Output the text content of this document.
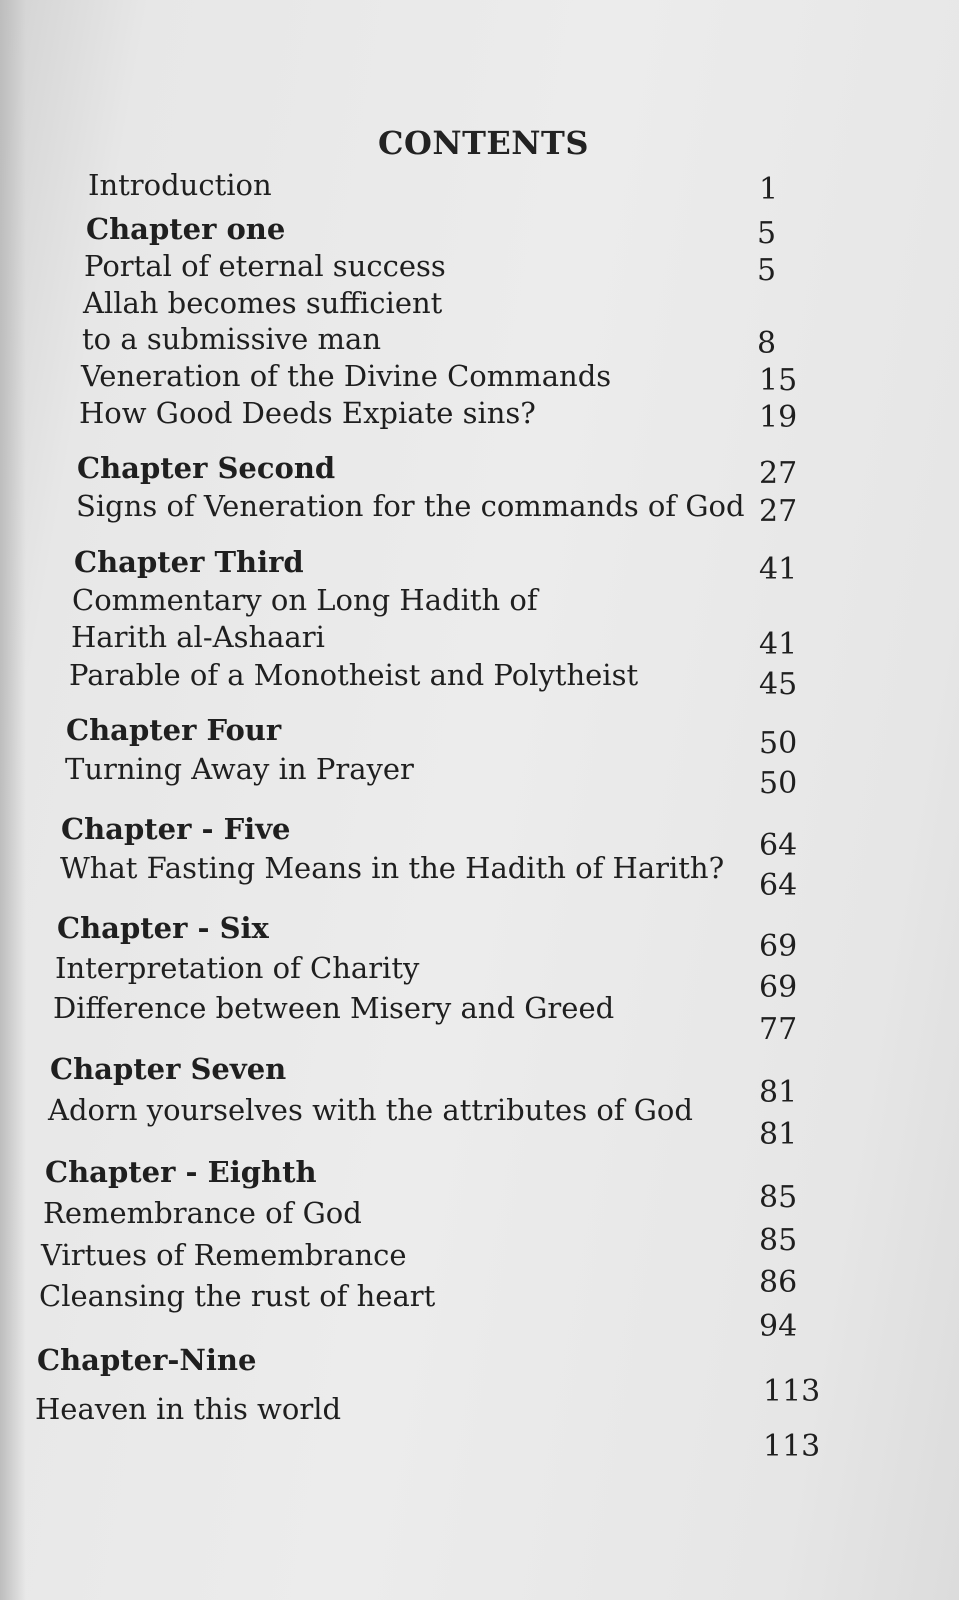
CONTENTS
Introduction
Chapter one
Portal of eternal success
Allah becomes sufficient
to a submissive man
Veneration of the Divine Commands
How Good Deeds Expiate sins?
Chapter Second
Signs of Veneration for the commands of God
Chapter Third
Commentary on Long Hadith of
Harith al-Ashaari
Parable of a Monotheist and Polytheist
Chapter Four
Turning Away in Prayer
Chapter - Five
What Fasting Means in the Hadith of Harith?
Chapter - Six
Interpretation of Charity
Difference between Misery and Greed
Chapter Seven
Adorn yourselves with the attributes of God
Chapter - Eighth
Remembrance of God
Virtues of Remembrance
Cleansing the rust of heart
Chapter-Nine
Heaven in this world
1
5
5
8
15
19
27
27
41
41
45
50
50
64
64
69
69
77
81
81
85
85
86
94
113
113
